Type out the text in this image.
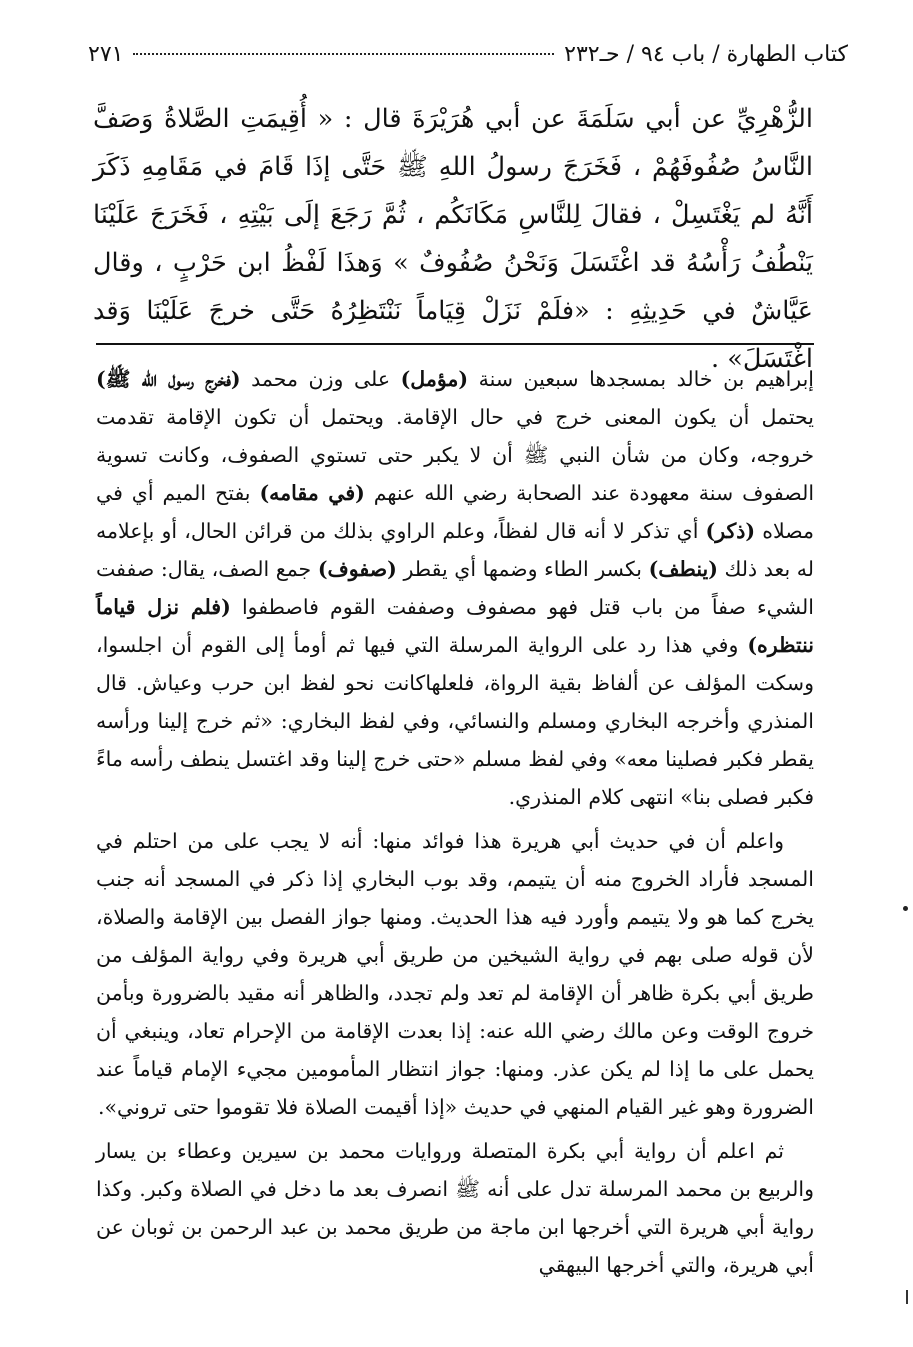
كتاب الطهارة / باب ٩٤ / حـ٢٣٢
٢٧١

الزُّهْرِيِّ عن أبي سَلَمَةَ عن أبي هُرَيْرَةَ قال : « أُقِيمَتِ الصَّلاةُ وَصَفَّ النَّاسُ صُفُوفَهُمْ ، فَخَرَجَ رسولُ اللهِ ﷺ حَتَّى إذَا قَامَ في مَقَامِهِ ذَكَرَ أَنَّهُ لم يَغْتَسِلْ ، فقالَ لِلنَّاسِ مَكَانَكُم ، ثُمَّ رَجَعَ إلَى بَيْتِهِ ، فَخَرَجَ عَلَيْنَا يَنْطُفُ رَأْسُهُ قد اغْتَسَلَ وَنَحْنُ صُفُوفٌ » وَهذَا لَفْظُ ابن حَرْبٍ ، وقال عَيَّاشٌ في حَدِيثِهِ : «فلَمْ نَزَلْ قِيَاماً نَنْتَظِرُهُ حَتَّى خرجَ عَلَيْنَا وَقد اغْتَسَلَ» .

إبراهيم بن خالد بمسجدها سبعين سنة (مؤمل) على وزن محمد (فخرج رسول الله ﷺ) يحتمل أن يكون المعنى خرج في حال الإقامة. ويحتمل أن تكون الإقامة تقدمت خروجه، وكان من شأن النبي ﷺ أن لا يكبر حتى تستوي الصفوف، وكانت تسوية الصفوف سنة معهودة عند الصحابة رضي الله عنهم (في مقامه) بفتح الميم أي في مصلاه (ذكر) أي تذكر لا أنه قال لفظاً، وعلم الراوي بذلك من قرائن الحال، أو بإعلامه له بعد ذلك (ينطف) بكسر الطاء وضمها أي يقطر (صفوف) جمع الصف، يقال: صففت الشيء صفاً من باب قتل فهو مصفوف وصففت القوم فاصطفوا (فلم نزل قياماً ننتظره) وفي هذا رد على الرواية المرسلة التي فيها ثم أومأ إلى القوم أن اجلسوا، وسكت المؤلف عن ألفاظ بقية الرواة، فلعلهاكانت نحو لفظ ابن حرب وعياش. قال المنذري وأخرجه البخاري ومسلم والنسائي، وفي لفظ البخاري: «ثم خرج إلينا ورأسه يقطر فكبر فصلينا معه» وفي لفظ مسلم «حتى خرج إلينا وقد اغتسل ينطف رأسه ماءً فكبر فصلى بنا» انتهى كلام المنذري.

واعلم أن في حديث أبي هريرة هذا فوائد منها: أنه لا يجب على من احتلم في المسجد فأراد الخروج منه أن يتيمم، وقد بوب البخاري إذا ذكر في المسجد أنه جنب يخرج كما هو ولا يتيمم وأورد فيه هذا الحديث. ومنها جواز الفصل بين الإقامة والصلاة، لأن قوله صلى بهم في رواية الشيخين من طريق أبي هريرة وفي رواية المؤلف من طريق أبي بكرة ظاهر أن الإقامة لم تعد ولم تجدد، والظاهر أنه مقيد بالضرورة وبأمن خروج الوقت وعن مالك رضي الله عنه: إذا بعدت الإقامة من الإحرام تعاد، وينبغي أن يحمل على ما إذا لم يكن عذر. ومنها: جواز انتظار المأمومين مجيء الإمام قياماً عند الضرورة وهو غير القيام المنهي في حديث «إذا أقيمت الصلاة فلا تقوموا حتى تروني».

ثم اعلم أن رواية أبي بكرة المتصلة وروايات محمد بن سيرين وعطاء بن يسار والربيع بن محمد المرسلة تدل على أنه ﷺ انصرف بعد ما دخل في الصلاة وكبر. وكذا رواية أبي هريرة التي أخرجها ابن ماجة من طريق محمد بن عبد الرحمن بن ثوبان عن أبي هريرة، والتي أخرجها البيهقي
